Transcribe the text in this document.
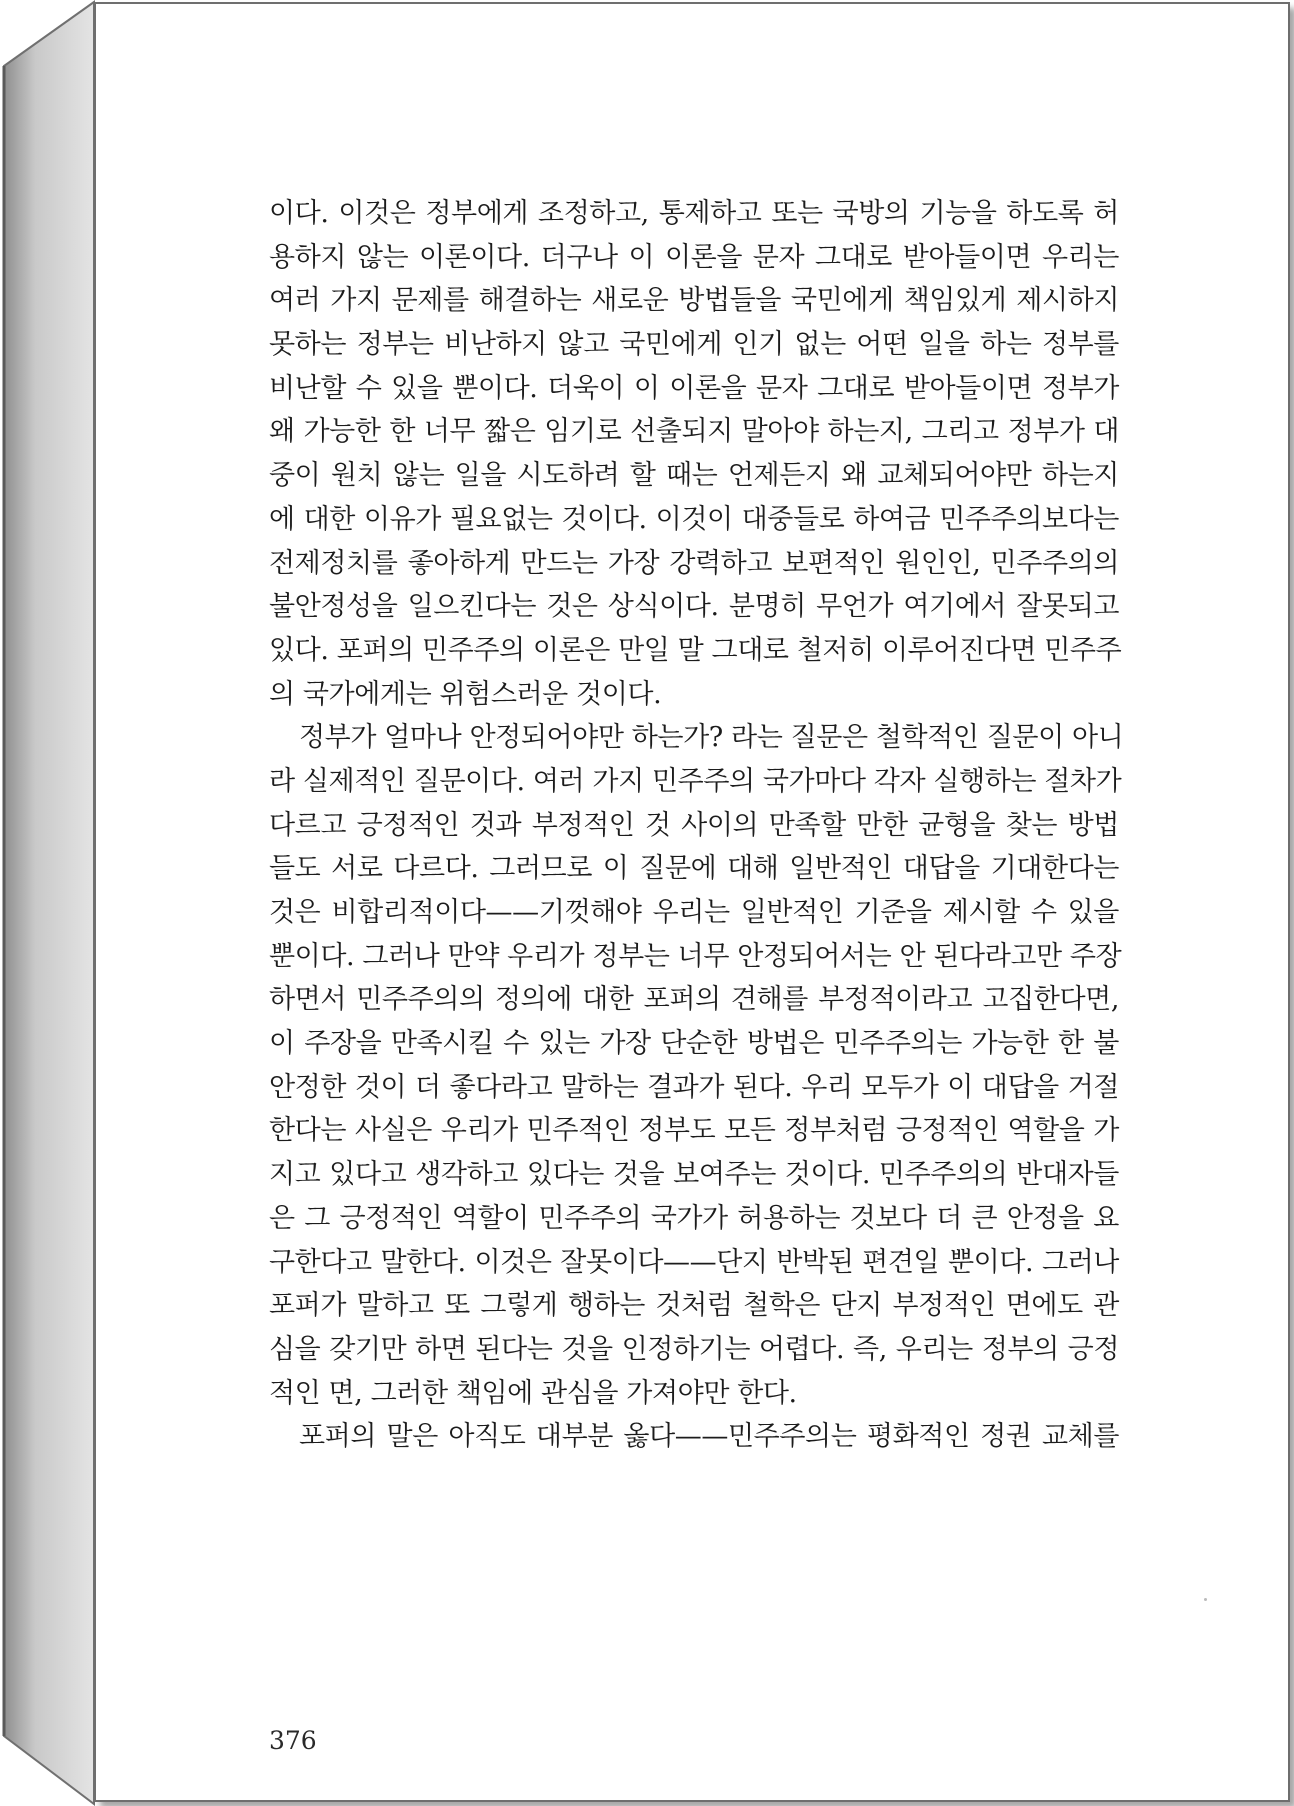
이다. 이것은 정부에게 조정하고, 통제하고 또는 국방의 기능을 하도록 허
용하지 않는 이론이다. 더구나 이 이론을 문자 그대로 받아들이면 우리는
여러 가지 문제를 해결하는 새로운 방법들을 국민에게 책임있게 제시하지
못하는 정부는 비난하지 않고 국민에게 인기 없는 어떤 일을 하는 정부를
비난할 수 있을 뿐이다. 더욱이 이 이론을 문자 그대로 받아들이면 정부가
왜 가능한 한 너무 짧은 임기로 선출되지 말아야 하는지, 그리고 정부가 대
중이 원치 않는 일을 시도하려 할 때는 언제든지 왜 교체되어야만 하는지
에 대한 이유가 필요없는 것이다. 이것이 대중들로 하여금 민주주의보다는
전제정치를 좋아하게 만드는 가장 강력하고 보편적인 원인인, 민주주의의
불안정성을 일으킨다는 것은 상식이다. 분명히 무언가 여기에서 잘못되고
있다. 포퍼의 민주주의 이론은 만일 말 그대로 철저히 이루어진다면 민주주
의 국가에게는 위험스러운 것이다.
정부가 얼마나 안정되어야만 하는가? 라는 질문은 철학적인 질문이 아니
라 실제적인 질문이다. 여러 가지 민주주의 국가마다 각자 실행하는 절차가
다르고 긍정적인 것과 부정적인 것 사이의 만족할 만한 균형을 찾는 방법
들도 서로 다르다. 그러므로 이 질문에 대해 일반적인 대답을 기대한다는
것은 비합리적이다——기껏해야 우리는 일반적인 기준을 제시할 수 있을
뿐이다. 그러나 만약 우리가 정부는 너무 안정되어서는 안 된다라고만 주장
하면서 민주주의의 정의에 대한 포퍼의 견해를 부정적이라고 고집한다면,
이 주장을 만족시킬 수 있는 가장 단순한 방법은 민주주의는 가능한 한 불
안정한 것이 더 좋다라고 말하는 결과가 된다. 우리 모두가 이 대답을 거절
한다는 사실은 우리가 민주적인 정부도 모든 정부처럼 긍정적인 역할을 가
지고 있다고 생각하고 있다는 것을 보여주는 것이다. 민주주의의 반대자들
은 그 긍정적인 역할이 민주주의 국가가 허용하는 것보다 더 큰 안정을 요
구한다고 말한다. 이것은 잘못이다——단지 반박된 편견일 뿐이다. 그러나
포퍼가 말하고 또 그렇게 행하는 것처럼 철학은 단지 부정적인 면에도 관
심을 갖기만 하면 된다는 것을 인정하기는 어렵다. 즉, 우리는 정부의 긍정
적인 면, 그러한 책임에 관심을 가져야만 한다.
포퍼의 말은 아직도 대부분 옳다——민주주의는 평화적인 정권 교체를
376
